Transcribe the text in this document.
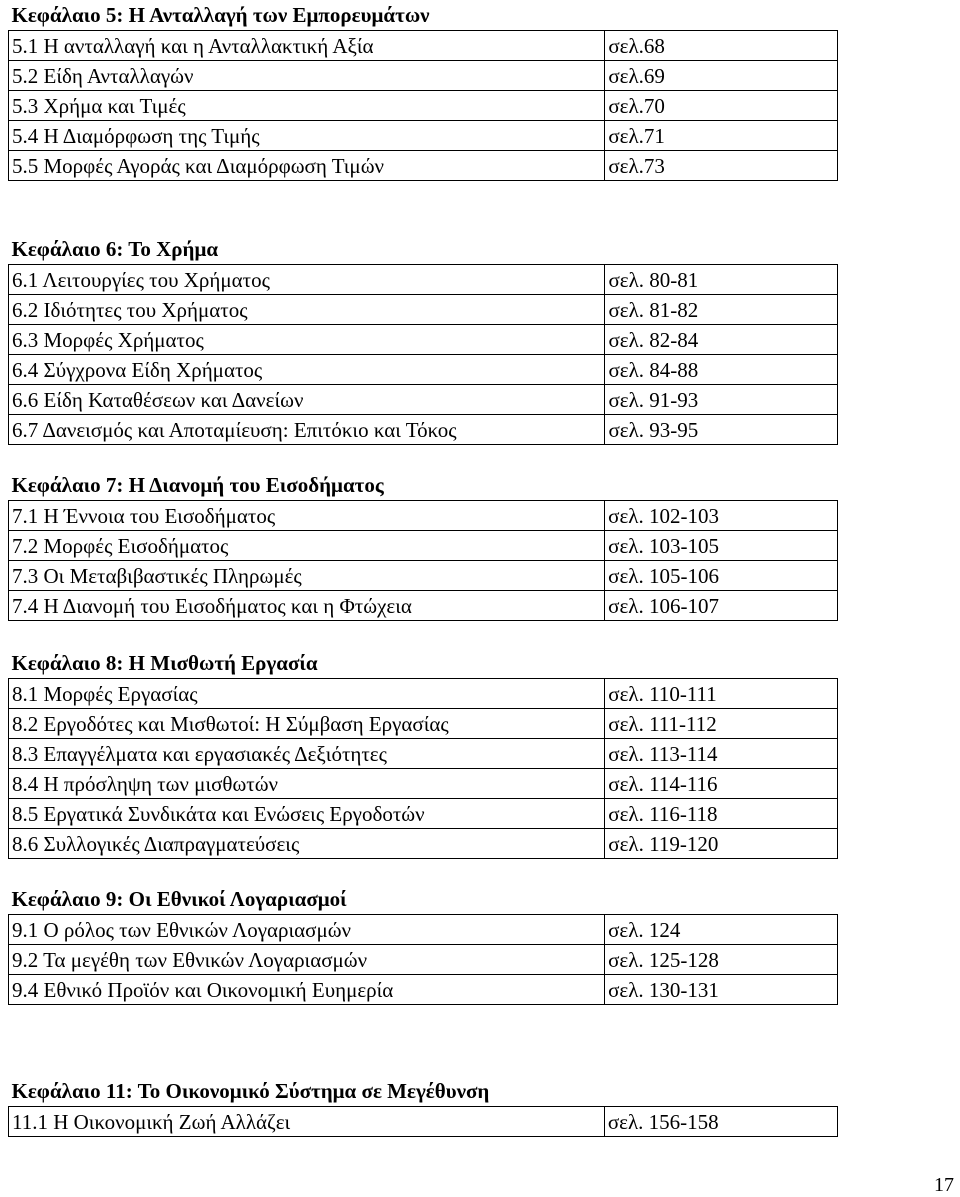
Κεφάλαιο 5: Η Ανταλλαγή των Εμπορευμάτων	
5.1 Η ανταλλαγή και η Ανταλλακτική Αξία	σελ.68
5.2 Είδη Ανταλλαγών	σελ.69
5.3 Χρήμα και Τιμές	σελ.70
5.4 Η Διαμόρφωση της Τιμής	σελ.71
5.5 Μορφές Αγοράς και Διαμόρφωση Τιμών	σελ.73
Κεφάλαιο 6: Το Χρήμα	
6.1 Λειτουργίες του Χρήματος	σελ. 80-81
6.2 Ιδιότητες του Χρήματος	σελ. 81-82
6.3 Μορφές Χρήματος	σελ. 82-84
6.4 Σύγχρονα Είδη Χρήματος	σελ. 84-88
6.6 Είδη Καταθέσεων και Δανείων	σελ. 91-93
6.7 Δανεισμός και Αποταμίευση: Επιτόκιο και Τόκος	σελ. 93-95
Κεφάλαιο 7: Η Διανομή του Εισοδήματος	
7.1 Η Έννοια του Εισοδήματος	σελ. 102-103
7.2 Μορφές Εισοδήματος	σελ. 103-105
7.3 Οι Μεταβιβαστικές Πληρωμές	σελ. 105-106
7.4 Η Διανομή του Εισοδήματος και η Φτώχεια	σελ. 106-107
Κεφάλαιο 8: Η Μισθωτή Εργασία	
8.1 Μορφές Εργασίας	σελ. 110-111
8.2 Εργοδότες και Μισθωτοί: Η Σύμβαση Εργασίας	σελ. 111-112
8.3 Επαγγέλματα και εργασιακές Δεξιότητες	σελ. 113-114
8.4 Η πρόσληψη των μισθωτών	σελ. 114-116
8.5 Εργατικά Συνδικάτα και Ενώσεις Εργοδοτών	σελ. 116-118
8.6 Συλλογικές Διαπραγματεύσεις	σελ. 119-120
Κεφάλαιο 9: Οι Εθνικοί Λογαριασμοί	
9.1 Ο ρόλος των Εθνικών Λογαριασμών	σελ. 124
9.2 Τα μεγέθη των Εθνικών Λογαριασμών	σελ. 125-128
9.4 Εθνικό Προϊόν και Οικονομική Ευημερία	σελ. 130-131
Κεφάλαιο 11: Το Οικονομικό Σύστημα σε Μεγέθυνση
11.1 Η Οικονομική Ζωή Αλλάζει	σελ. 156-158
17
